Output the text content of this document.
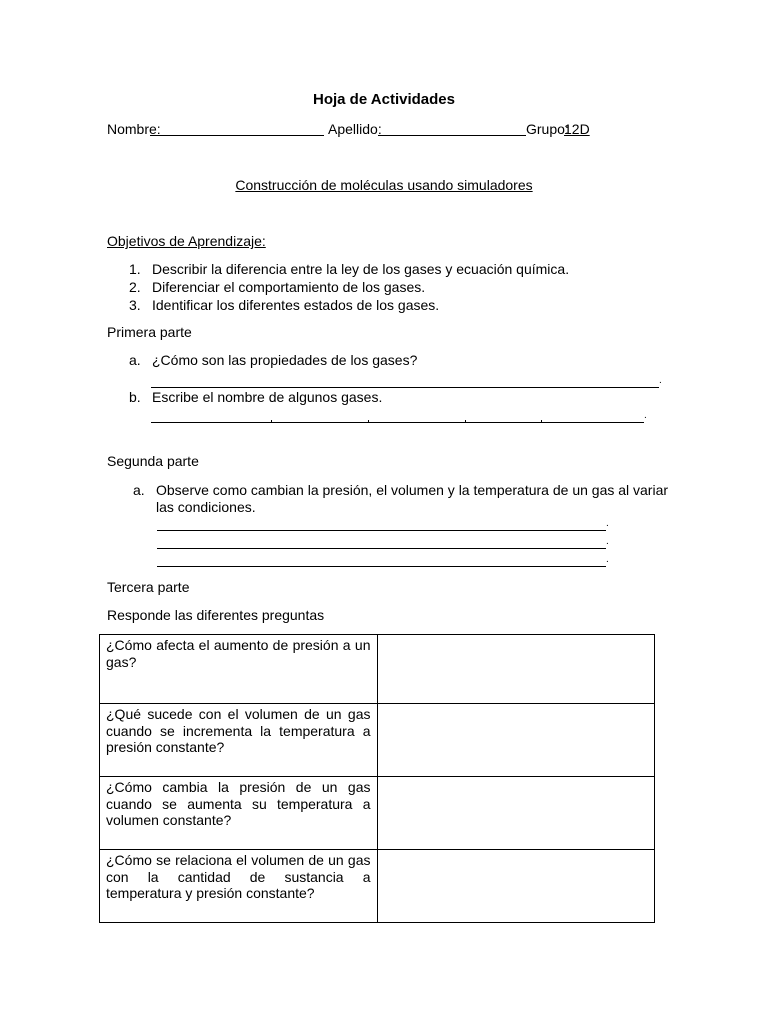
Hoja de Actividades
Nombre:	Apellido:	Grupo:
12D
Construcción de moléculas usando simuladores
Objetivos de Aprendizaje:
1. Describir la diferencia entre la ley de los gases y ecuación química.
2. Diferenciar el comportamiento de los gases.
3. Identificar los diferentes estados de los gases.
Primera parte
a. ¿Cómo son las propiedades de los gases?
.
b. Escribe el nombre de algunos gases.
.
Segunda parte
a. Observe como cambian la presión, el volumen y la temperatura de un gas al variar
las condiciones.
.
.
.
Tercera parte
Responde las diferentes preguntas
¿Cómo afecta el aumento de presión a un gas?	
¿Qué sucede con el volumen de un gas cuando se incrementa la temperatura a presión constante?	
¿Cómo cambia la presión de un gas cuando se aumenta su temperatura a volumen constante?	
¿Cómo se relaciona el volumen de un gas con la cantidad de sustancia a temperatura y presión constante?	
